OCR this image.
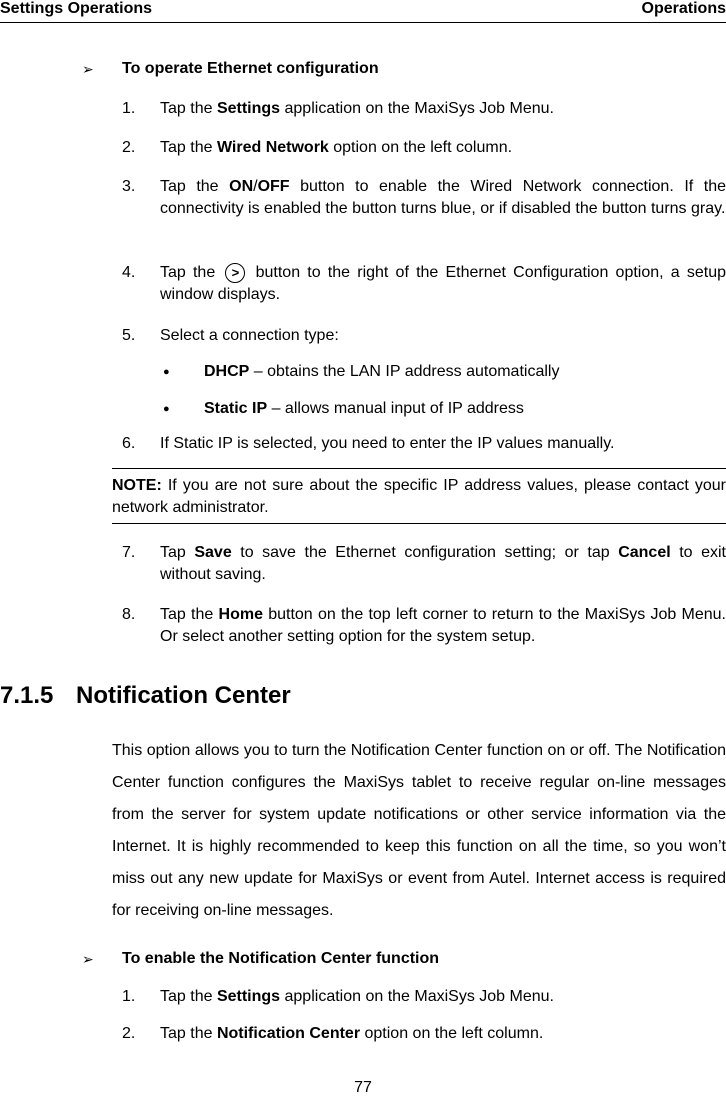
Settings Operations	Operations
➢ To operate Ethernet configuration
1.	Tap the Settings application on the MaxiSys Job Menu.
2.	Tap the Wired Network option on the left column.
3.	Tap the ON/OFF button to enable the Wired Network connection. If the connectivity is enabled the button turns blue, or if disabled the button turns gray.
4.	Tap the > button to the right of the Ethernet Configuration option, a setup window displays.
5.	Select a connection type:
● DHCP – obtains the LAN IP address automatically
● Static IP – allows manual input of IP address
6.	If Static IP is selected, you need to enter the IP values manually.
NOTE: If you are not sure about the specific IP address values, please contact your network administrator.
7.	Tap Save to save the Ethernet configuration setting; or tap Cancel to exit without saving.
8.	Tap the Home button on the top left corner to return to the MaxiSys Job Menu. Or select another setting option for the system setup.
7.1.5 Notification Center
This option allows you to turn the Notification Center function on or off. The Notification Center function configures the MaxiSys tablet to receive regular on-line messages from the server for system update notifications or other service information via the Internet. It is highly recommended to keep this function on all the time, so you won’t miss out any new update for MaxiSys or event from Autel. Internet access is required for receiving on-line messages.
➢ To enable the Notification Center function
1.	Tap the Settings application on the MaxiSys Job Menu.
2.	Tap the Notification Center option on the left column.
77
